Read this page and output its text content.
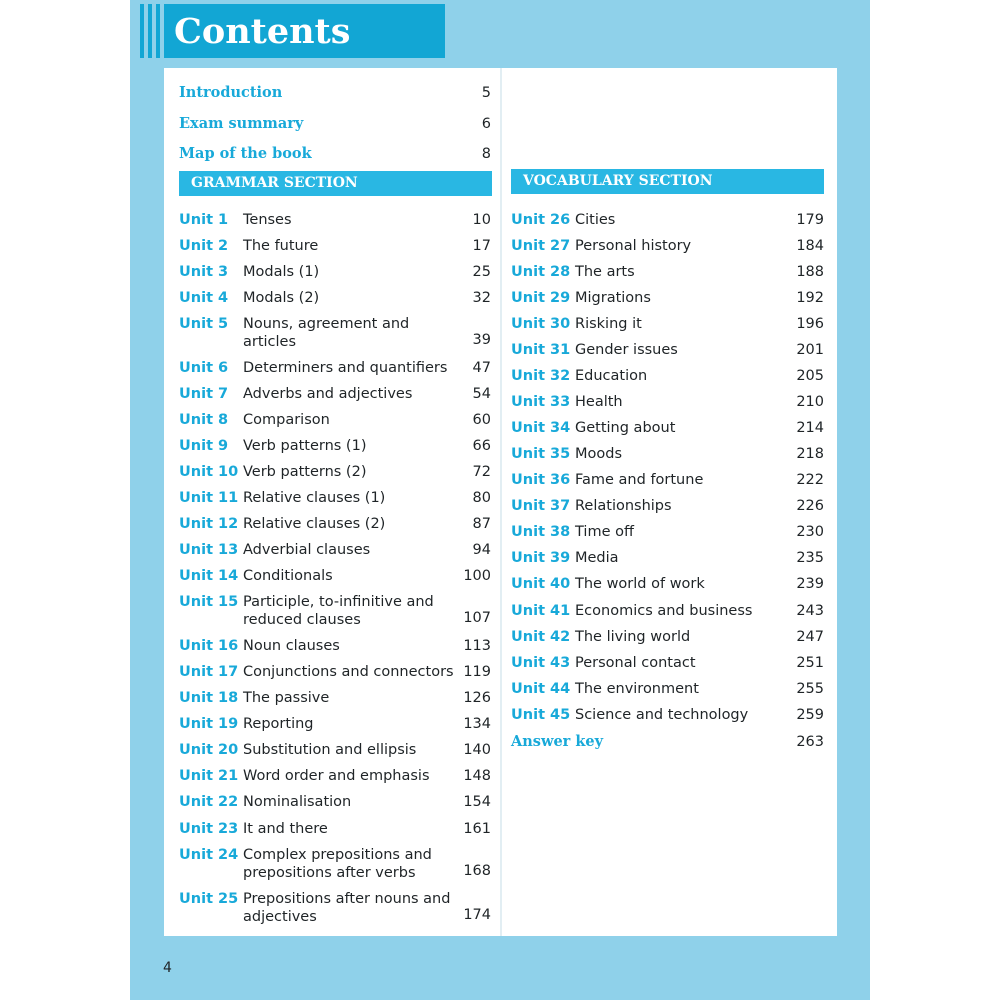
Contents
Introduction	5
Exam summary	6
Map of the book	8
GRAMMAR SECTION	VOCABULARY SECTION
Unit 1 Tenses	10
Unit 2 The future	17
Unit 3 Modals (1)	25
Unit 4 Modals (2)	32
Unit 5 Nouns, agreement and
articles	39
Unit 6 Determiners and quantifiers	47
Unit 7 Adverbs and adjectives	54
Unit 8 Comparison	60
Unit 9 Verb patterns (1)	66
Unit 10 Verb patterns (2)	72
Unit 11 Relative clauses (1)	80
Unit 12 Relative clauses (2)	87
Unit 13 Adverbial clauses	94
Unit 14 Conditionals	100
Unit 15 Participle, to-infinitive and
reduced clauses	107
Unit 16 Noun clauses	113
Unit 17 Conjunctions and connectors 119
Unit 18 The passive	126
Unit 19 Reporting	134
Unit 20 Substitution and ellipsis	140
Unit 21 Word order and emphasis	148
Unit 22 Nominalisation	154
Unit 23 It and there	161
Unit 24 Complex prepositions and
prepositions after verbs	168
Unit 25 Prepositions after nouns and
adjectives	174
Unit 26 Cities	179
Unit 27 Personal history	184
Unit 28 The arts	188
Unit 29 Migrations	192
Unit 30 Risking it	196
Unit 31 Gender issues	201
Unit 32 Education	205
Unit 33 Health	210
Unit 34 Getting about	214
Unit 35 Moods	218
Unit 36 Fame and fortune	222
Unit 37 Relationships	226
Unit 38 Time off	230
Unit 39 Media	235
Unit 40 The world of work	239
Unit 41 Economics and business	243
Unit 42 The living world	247
Unit 43 Personal contact	251
Unit 44 The environment	255
Unit 45 Science and technology	259
Answer key	263
4
